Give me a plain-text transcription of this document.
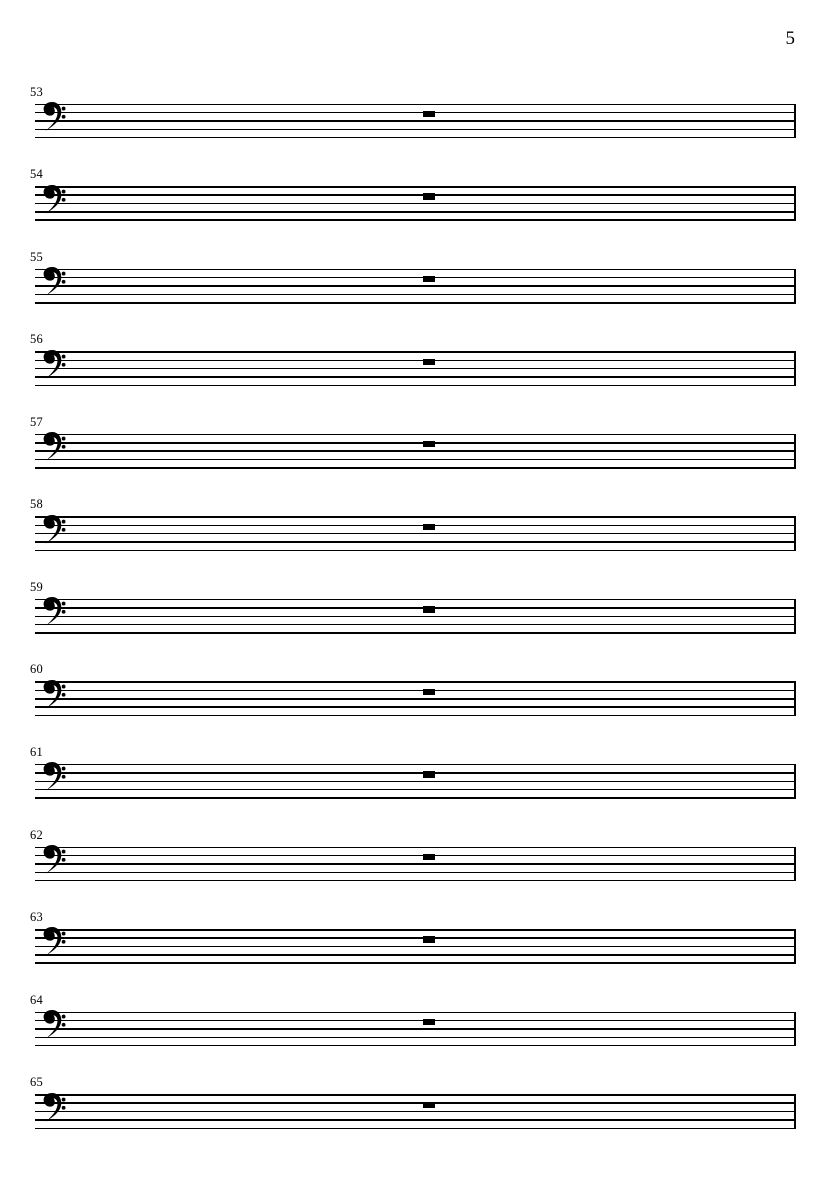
5
53
54
55
56
57
58
59
60
61
62
63
64
65
